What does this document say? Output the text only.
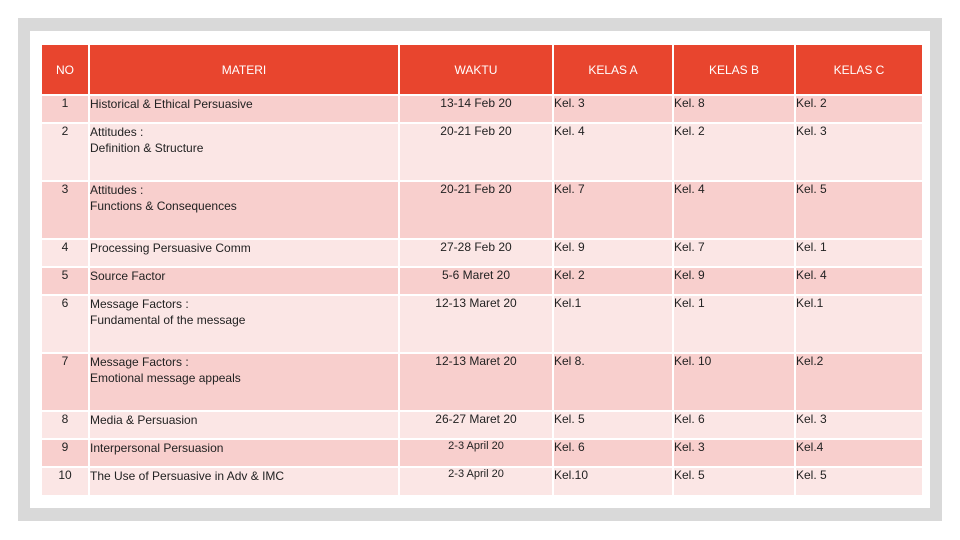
NO	MATERI	WAKTU	KELAS A	KELAS B	KELAS C
1	Historical & Ethical Persuasive	13-14 Feb 20	Kel. 3	Kel. 8	Kel. 2
2	Attitudes :
Definition & Structure	20-21 Feb 20	Kel. 4	Kel. 2	Kel. 3
3	Attitudes :
Functions & Consequences	20-21 Feb 20	Kel. 7	Kel. 4	Kel. 5
4	Processing Persuasive Comm	27-28 Feb 20	Kel. 9	Kel. 7	Kel. 1
5	Source Factor	5-6 Maret 20	Kel. 2	Kel. 9	Kel. 4
6	Message Factors :
Fundamental of the message	12-13 Maret 20	Kel.1	Kel. 1	Kel.1
7	Message Factors :
Emotional message appeals	12-13 Maret 20	Kel 8.	Kel. 10	Kel.2
8	Media & Persuasion	26-27 Maret 20	Kel. 5	Kel. 6	Kel. 3
9	Interpersonal Persuasion	2-3 April 20	Kel. 6	Kel. 3	Kel.4
10	The Use of Persuasive in Adv & IMC	2-3 April 20	Kel.10	Kel. 5	Kel. 5
